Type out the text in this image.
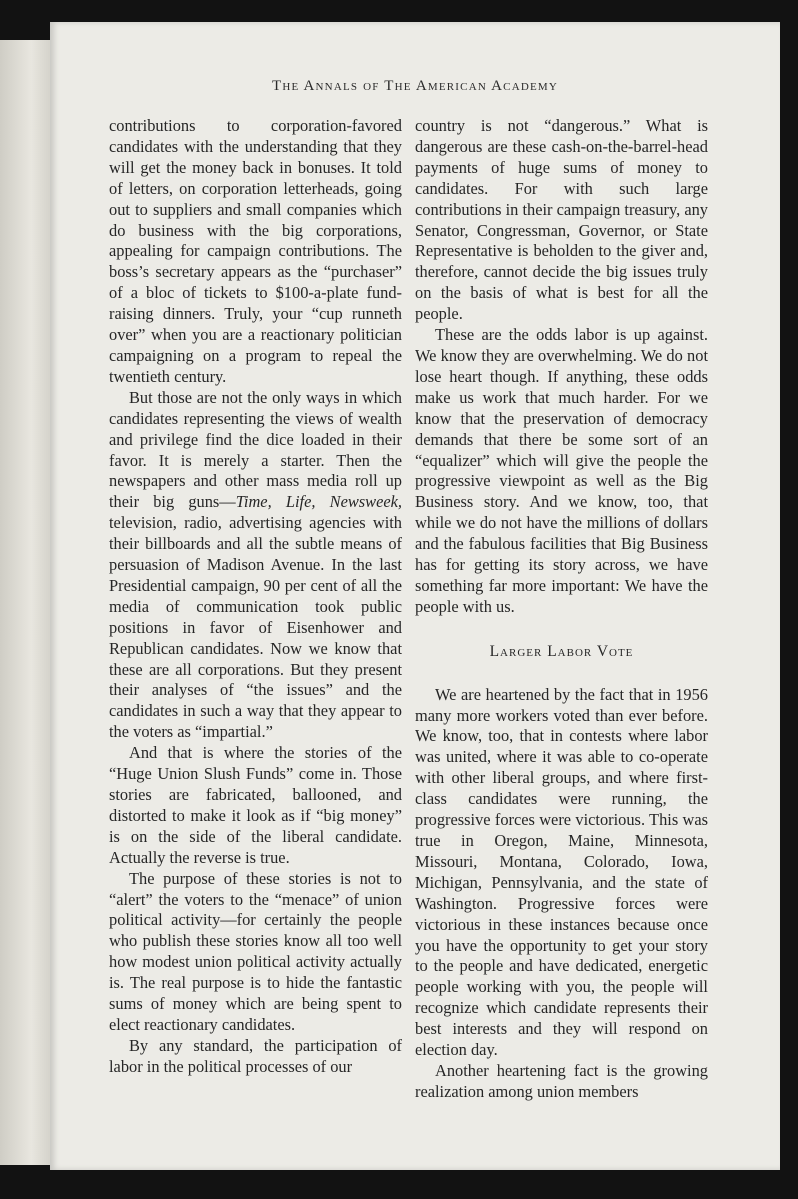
The Annals of The American Academy

contributions to corporation-favored candidates with the understanding that they will get the money back in bonuses. It told of letters, on corporation letterheads, going out to suppliers and small companies which do business with the big corporations, appealing for campaign contributions. The boss’s secretary appears as the “purchaser” of a bloc of tickets to $100-a-plate fund-raising dinners. Truly, your “cup runneth over” when you are a reactionary politician campaigning on a program to repeal the twentieth century.

But those are not the only ways in which candidates representing the views of wealth and privilege find the dice loaded in their favor. It is merely a starter. Then the newspapers and other mass media roll up their big guns—Time, Life, Newsweek, television, radio, advertising agencies with their billboards and all the subtle means of persuasion of Madison Avenue. In the last Presidential campaign, 90 per cent of all the media of communication took public positions in favor of Eisenhower and Republican candidates. Now we know that these are all corporations. But they present their analyses of “the issues” and the candidates in such a way that they appear to the voters as “impartial.”

And that is where the stories of the “Huge Union Slush Funds” come in. Those stories are fabricated, ballooned, and distorted to make it look as if “big money” is on the side of the liberal candidate. Actually the reverse is true.

The purpose of these stories is not to “alert” the voters to the “menace” of union political activity—for certainly the people who publish these stories know all too well how modest union political activity actually is. The real purpose is to hide the fantastic sums of money which are being spent to elect reactionary candidates.

By any standard, the participation of labor in the political processes of our

country is not “dangerous.” What is dangerous are these cash-on-the-barrel-head payments of huge sums of money to candidates. For with such large contributions in their campaign treasury, any Senator, Congressman, Governor, or State Representative is beholden to the giver and, therefore, cannot decide the big issues truly on the basis of what is best for all the people.

These are the odds labor is up against. We know they are overwhelming. We do not lose heart though. If anything, these odds make us work that much harder. For we know that the preservation of democracy demands that there be some sort of an “equalizer” which will give the people the progressive viewpoint as well as the Big Business story. And we know, too, that while we do not have the millions of dollars and the fabulous facilities that Big Business has for getting its story across, we have something far more important: We have the people with us.

Larger Labor Vote

We are heartened by the fact that in 1956 many more workers voted than ever before. We know, too, that in contests where labor was united, where it was able to co-operate with other liberal groups, and where first-class candidates were running, the progressive forces were victorious. This was true in Oregon, Maine, Minnesota, Missouri, Montana, Colorado, Iowa, Michigan, Pennsylvania, and the state of Washington. Progressive forces were victorious in these instances because once you have the opportunity to get your story to the people and have dedicated, energetic people working with you, the people will recognize which candidate represents their best interests and they will respond on election day.

Another heartening fact is the growing realization among union members
